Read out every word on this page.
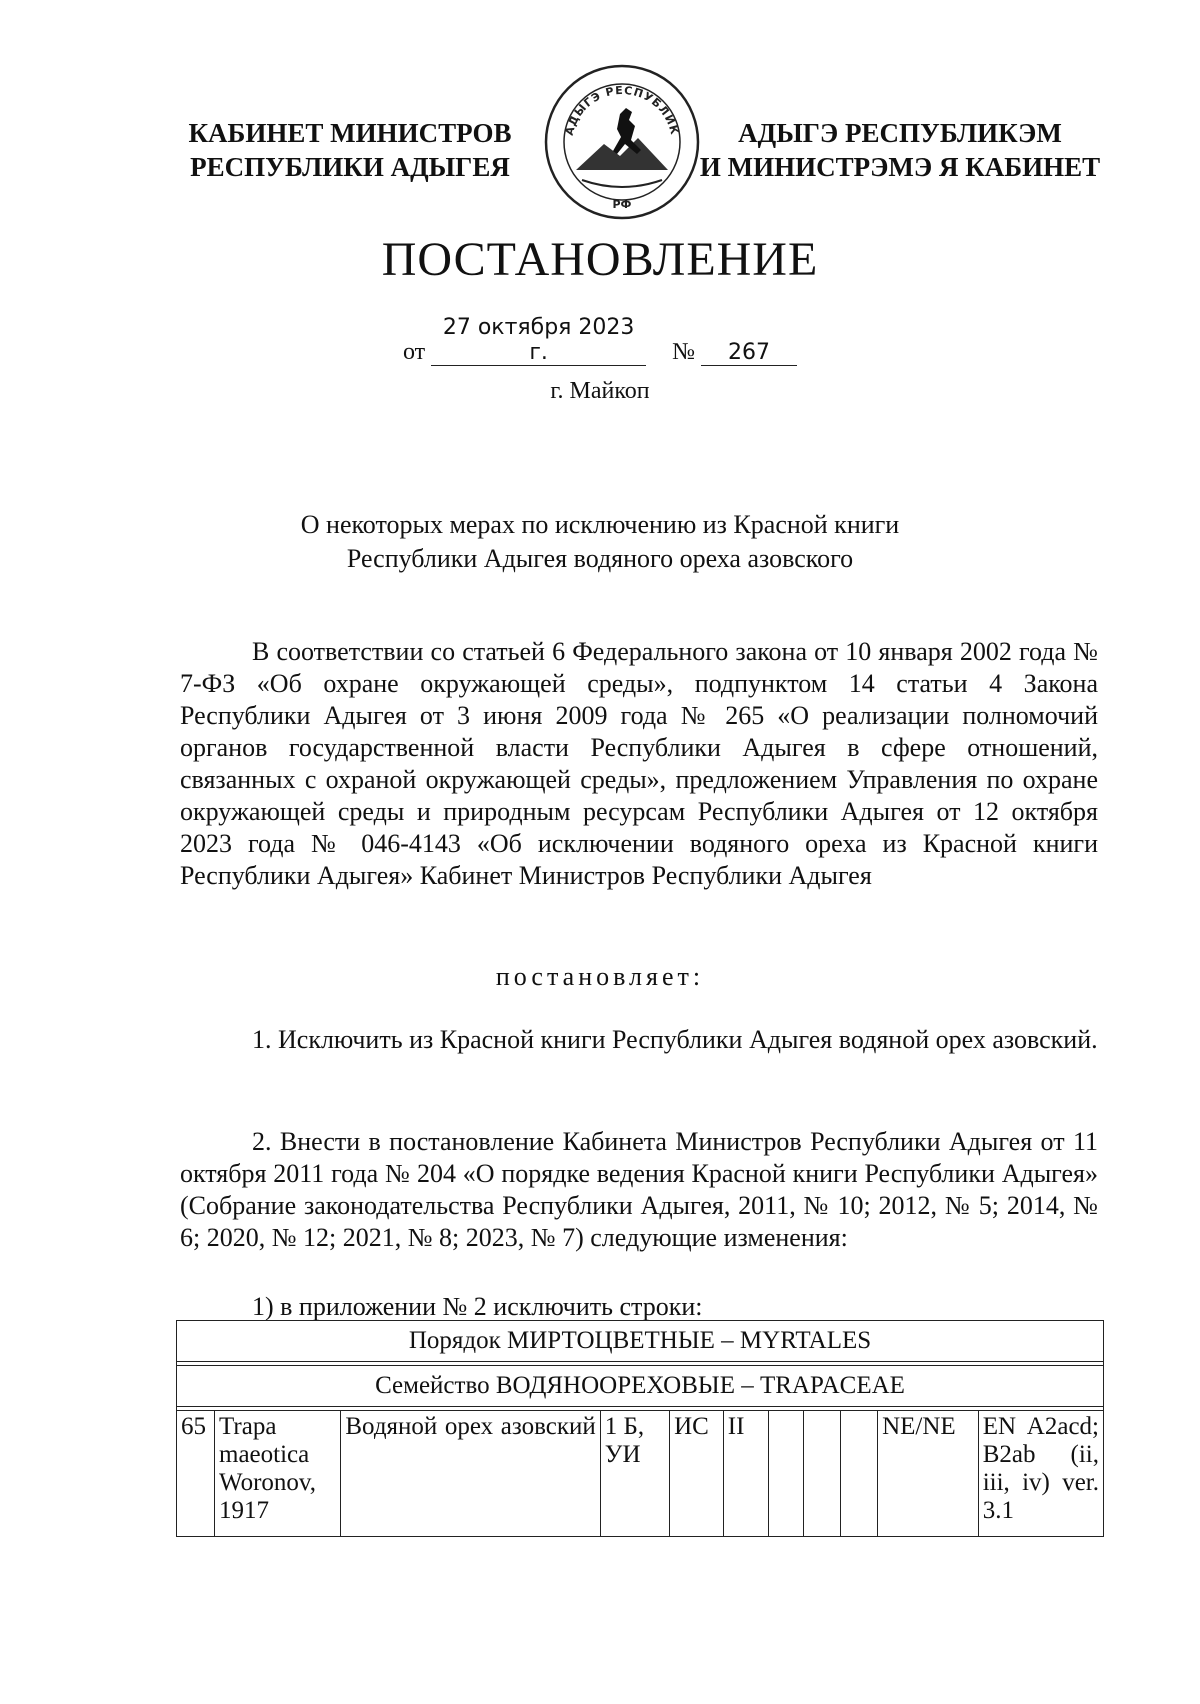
КАБИНЕТ МИНИСТРОВ
РЕСПУБЛИКИ АДЫГЕЯ
АДЫГЭ РЕСПУБЛИКЭМ
И МИНИСТРЭМЭ Я КАБИНЕТ
АДЫГЭ РЕСПУБЛИК
РФ
ПОСТАНОВЛЕНИЕ
от 27 октября 2023 г.	№ 267
г. Майкоп
О некоторых мерах по исключению из Красной книги
Республики Адыгея водяного ореха азовского
В соответствии со статьей 6 Федерального закона от 10 января 2002 года № 7-ФЗ «Об охране окружающей среды», подпунктом 14 статьи 4 Закона Республики Адыгея от 3 июня 2009 года № 265 «О реализации полномочий органов государственной власти Республики Адыгея в сфере отношений, связанных с охраной окружающей среды», предложением Управления по охране окружающей среды и природным ресурсам Республики Адыгея от 12 октября 2023 года № 046-4143 «Об исключении водяного ореха из Красной книги Республики Адыгея» Кабинет Министров Республики Адыгея
постановляет:
1. Исключить из Красной книги Республики Адыгея водяной орех азовский.
2. Внести в постановление Кабинета Министров Республики Адыгея от 11 октября 2011 года № 204 «О порядке ведения Красной книги Республики Адыгея» (Собрание законодательства Республики Адыгея, 2011, № 10; 2012, № 5; 2014, № 6; 2020, № 12; 2021, № 8; 2023, № 7) следующие изменения:
1) в приложении № 2 исключить строки:
Порядок МИРТОЦВЕТНЫЕ – MYRTALES

Семейство ВОДЯНООРЕХОВЫЕ – TRAPACEAE

65	Trapa maeotica Woronov, 1917	Водяной орех азовский	1 Б, УИ	ИС	II				NE/NE	EN A2acd; B2ab (ii, iii, iv) ver. 3.1
